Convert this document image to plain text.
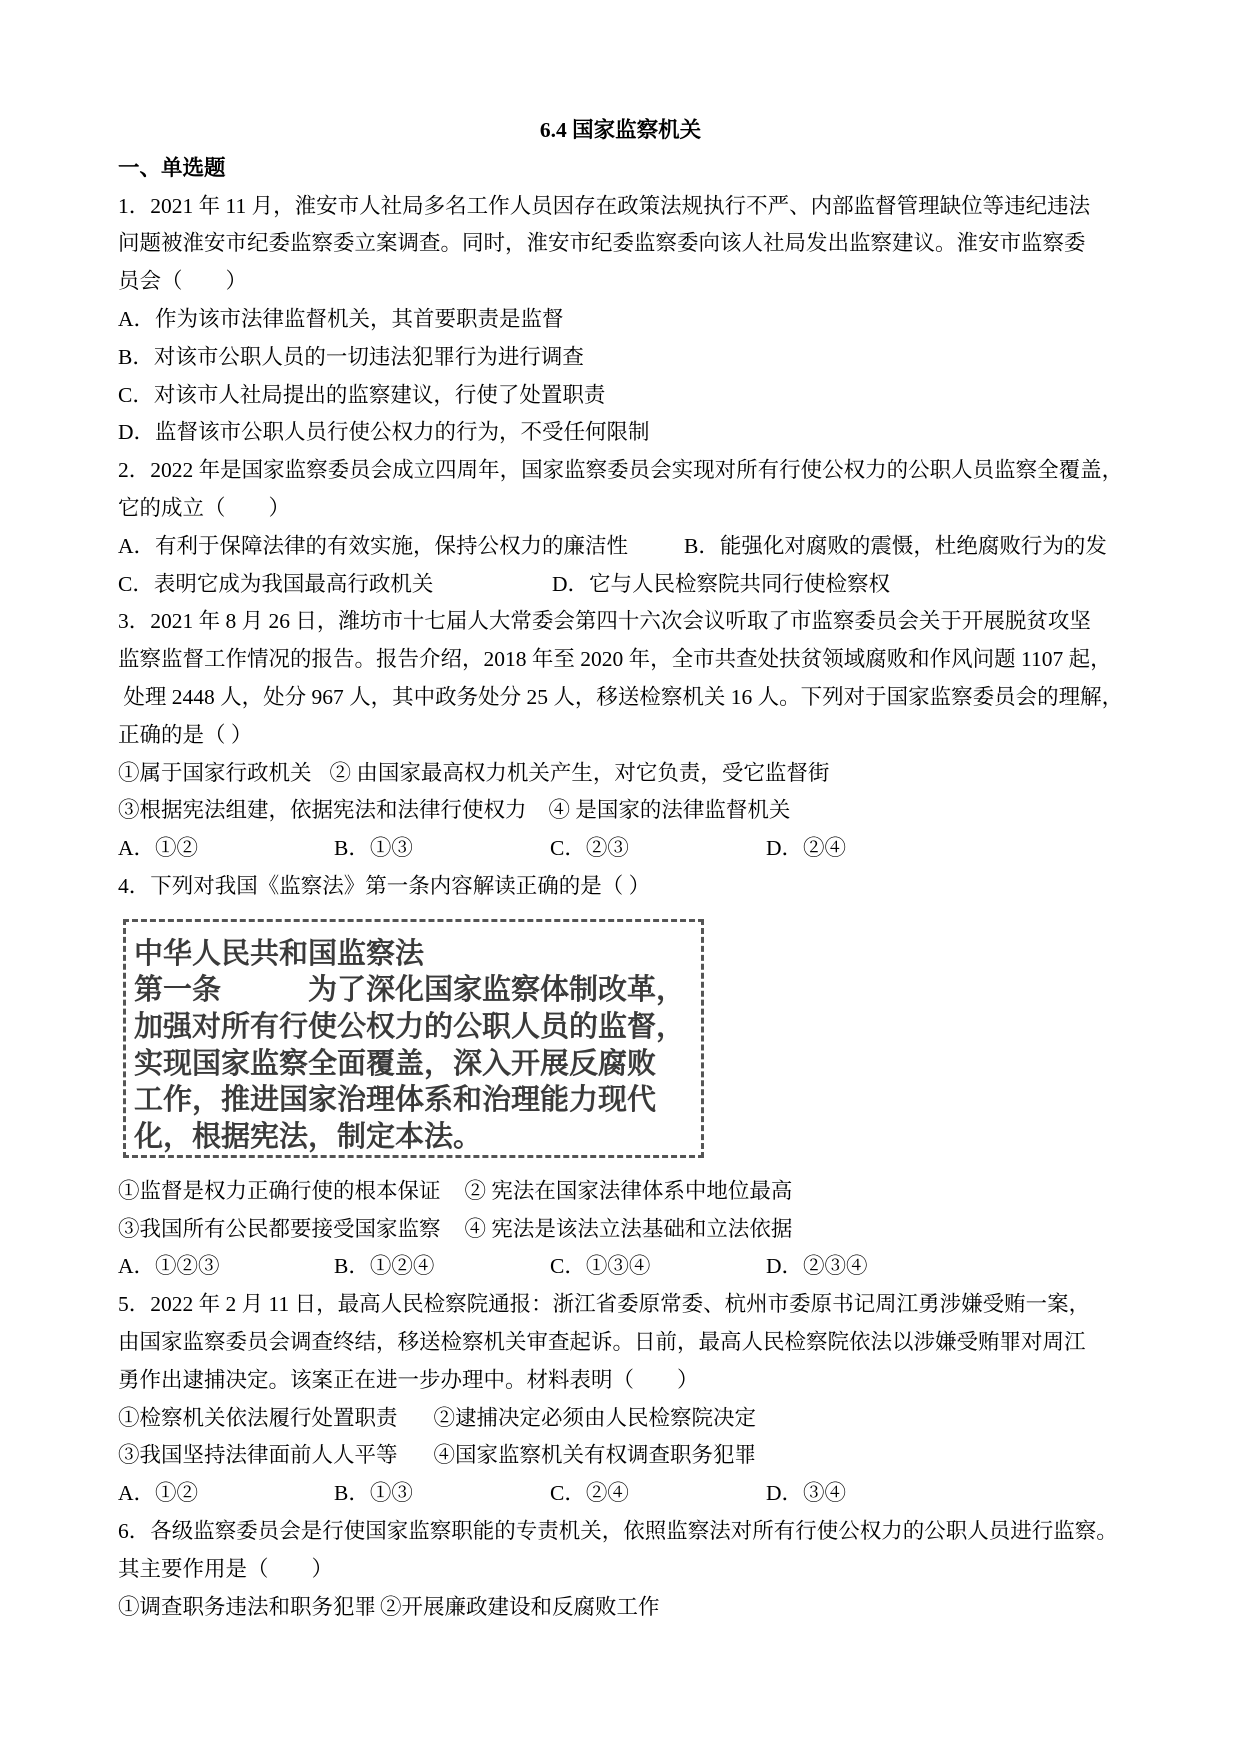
6.4 国家监察机关
一、单选题
1．2021 年 11 月，淮安市人社局多名工作人员因存在政策法规执行不严、内部监督管理缺位等违纪违法
问题被淮安市纪委监察委立案调查。同时，淮安市纪委监察委向该人社局发出监察建议。淮安市监察委
员会（　　）
A．作为该市法律监督机关，其首要职责是监督
B．对该市公职人员的一切违法犯罪行为进行调查
C．对该市人社局提出的监察建议，行使了处置职责
D．监督该市公职人员行使公权力的行为，不受任何限制
2．2022 年是国家监察委员会成立四周年，国家监察委员会实现对所有行使公权力的公职人员监察全覆盖，
它的成立（　　）
A．有利于保障法律的有效实施，保持公权力的廉洁性	B．能强化对腐败的震慑，杜绝腐败行为的发
C．表明它成为我国最高行政机关	D．它与人民检察院共同行使检察权
3．2021 年 8 月 26 日，潍坊市十七届人大常委会第四十六次会议听取了市监察委员会关于开展脱贫攻坚
监察监督工作情况的报告。报告介绍，2018 年至 2020 年，全市共查处扶贫领域腐败和作风问题 1107 起，
处理 2448 人，处分 967 人，其中政务处分 25 人，移送检察机关 16 人。下列对于国家监察委员会的理解，
正确的是（ ）
①属于国家行政机关 ② 由国家最高权力机关产生，对它负责，受它监督街
③根据宪法组建，依据宪法和法律行使权力 ④ 是国家的法律监督机关
A．①②	B．①③	C．②③	D．②④
4．下列对我国《监察法》第一条内容解读正确的是（ ）
中华人民共和国监察法
第一条　　　为了深化国家监察体制改革，
加强对所有行使公权力的公职人员的监督，
实现国家监察全面覆盖，深入开展反腐败
工作，推进国家治理体系和治理能力现代
化，根据宪法，制定本法。
①监督是权力正确行使的根本保证 ② 宪法在国家法律体系中地位最高
③我国所有公民都要接受国家监察 ④ 宪法是该法立法基础和立法依据
A．①②③	B．①②④	C．①③④	D．②③④
5．2022 年 2 月 11 日，最高人民检察院通报：浙江省委原常委、杭州市委原书记周江勇涉嫌受贿一案，
由国家监察委员会调查终结，移送检察机关审查起诉。日前，最高人民检察院依法以涉嫌受贿罪对周江
勇作出逮捕决定。该案正在进一步办理中。材料表明（　　）
①检察机关依法履行处置职责 ②逮捕决定必须由人民检察院决定
③我国坚持法律面前人人平等 ④国家监察机关有权调查职务犯罪
A．①②	B．①③	C．②④	D．③④
6．各级监察委员会是行使国家监察职能的专责机关，依照监察法对所有行使公权力的公职人员进行监察。
其主要作用是（　　）
①调查职务违法和职务犯罪 ②开展廉政建设和反腐败工作
